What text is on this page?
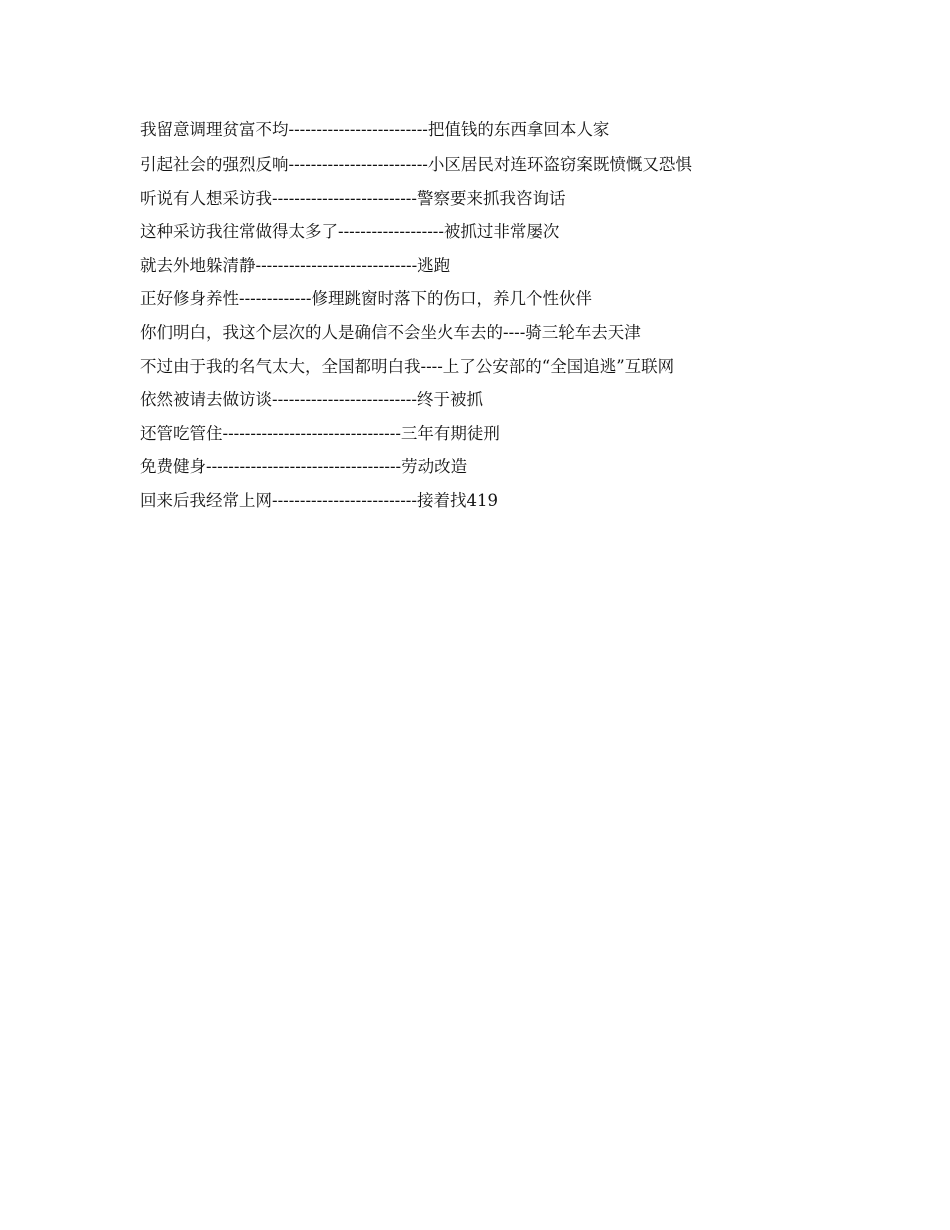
我留意调理贫富不均-------------------------把值钱的东西拿回本人家
引起社会的强烈反响-------------------------小区居民对连环盗窃案既愤慨又恐惧
听说有人想采访我--------------------------警察要来抓我咨询话
这种采访我往常做得太多了-------------------被抓过非常屡次
就去外地躲清静-----------------------------逃跑
正好修身养性-------------修理跳窗时落下的伤口，养几个性伙伴
你们明白，我这个层次的人是确信不会坐火车去的----骑三轮车去天津
不过由于我的名气太大，全国都明白我----上了公安部的“全国追逃”互联网
依然被请去做访谈--------------------------终于被抓
还管吃管住--------------------------------三年有期徒刑
免费健身-----------------------------------劳动改造
回来后我经常上网--------------------------接着找419
